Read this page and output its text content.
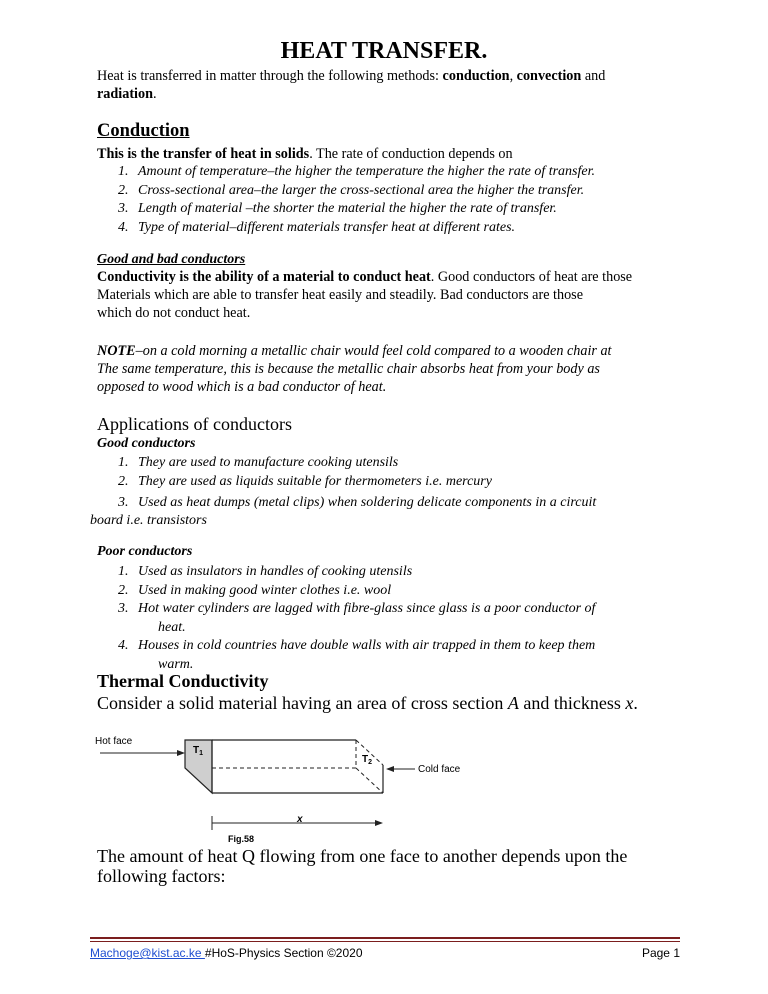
HEAT TRANSFER.
Heat is transferred in matter through the following methods: conduction, convection and
radiation.
Conduction
This is the transfer of heat in solids. The rate of conduction depends on
1. Amount of temperature–the higher the temperature the higher the rate of transfer.
2. Cross-sectional area–the larger the cross-sectional area the higher the transfer.
3. Length of material –the shorter the material the higher the rate of transfer.
4. Type of material–different materials transfer heat at different rates.
Good and bad conductors
Conductivity is the ability of a material to conduct heat. Good conductors of heat are those
Materials which are able to transfer heat easily and steadily. Bad conductors are those
which do not conduct heat.
NOTE–on a cold morning a metallic chair would feel cold compared to a wooden chair at
The same temperature, this is because the metallic chair absorbs heat from your body as
opposed to wood which is a bad conductor of heat.
Applications of conductors
Good conductors
1. They are used to manufacture cooking utensils
2. They are used as liquids suitable for thermometers i.e. mercury
3. Used as heat dumps (metal clips) when soldering delicate components in a circuit
board i.e. transistors
Poor conductors
1. Used as insulators in handles of cooking utensils
2. Used in making good winter clothes i.e. wool
3. Hot water cylinders are lagged with fibre-glass since glass is a poor conductor of
heat.
4. Houses in cold countries have double walls with air trapped in them to keep them
warm.
Thermal Conductivity
Consider a solid material having an area of cross section A and thickness x.
Hot face
Cold face
$T_1$
$T_2$
x
Fig.58
The amount of heat Q flowing from one face to another depends upon the
following factors:
Machoge@kist.ac.ke #HoS-Physics Section ©2020	Page 1
